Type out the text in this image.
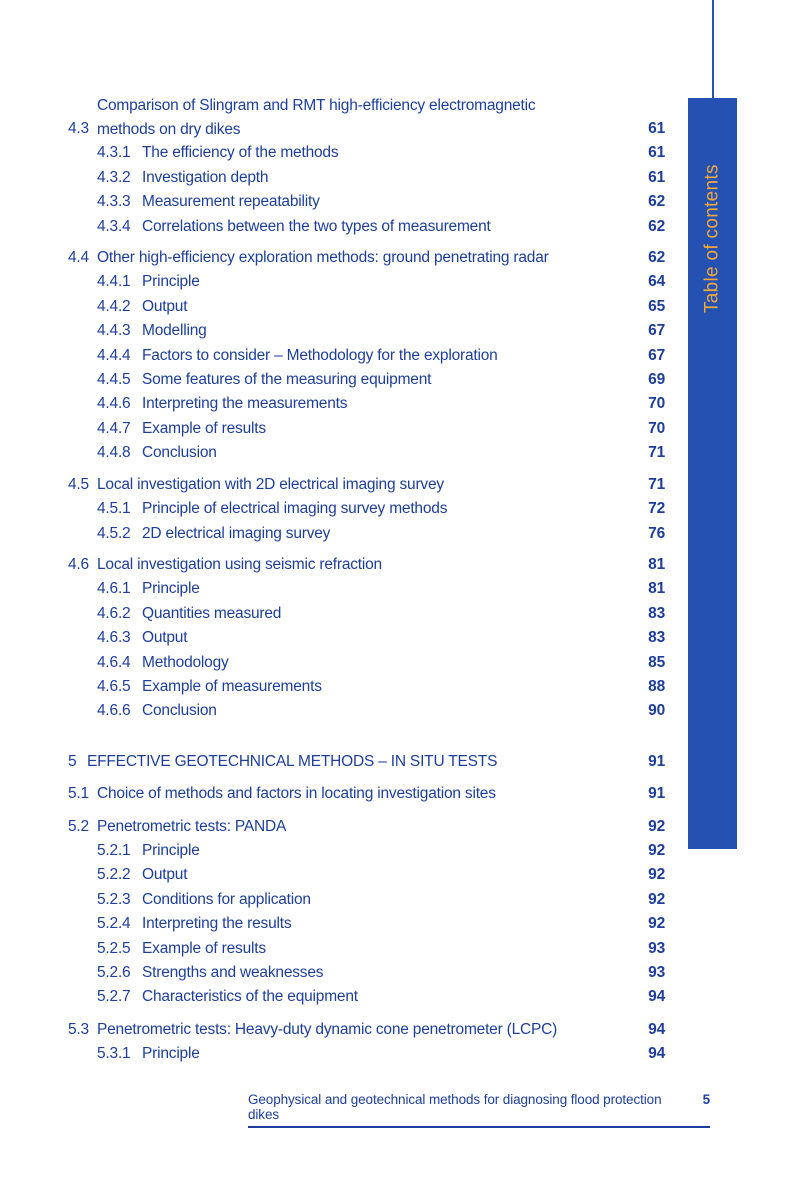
Table of contents
4.3
Comparison of Slingram and RMT high-efficiency electromagnetic
methods on dry dikes	61
4.3.1 The efficiency of the methods	61
4.3.2 Investigation depth	61
4.3.3 Measurement repeatability	62
4.3.4 Correlations between the two types of measurement	62
4.4 Other high-efficiency exploration methods: ground penetrating radar	62
4.4.1 Principle	64
4.4.2 Output	65
4.4.3 Modelling	67
4.4.4 Factors to consider – Methodology for the exploration	67
4.4.5 Some features of the measuring equipment	69
4.4.6 Interpreting the measurements	70
4.4.7 Example of results	70
4.4.8 Conclusion	71
4.5 Local investigation with 2D electrical imaging survey	71
4.5.1 Principle of electrical imaging survey methods	72
4.5.2 2D electrical imaging survey	76
4.6 Local investigation using seismic refraction	81
4.6.1 Principle	81
4.6.2 Quantities measured	83
4.6.3 Output	83
4.6.4 Methodology	85
4.6.5 Example of measurements	88
4.6.6 Conclusion	90
5 EFFECTIVE GEOTECHNICAL METHODS – IN SITU TESTS	91
5.1 Choice of methods and factors in locating investigation sites	91
5.2 Penetrometric tests: PANDA	92
5.2.1 Principle	92
5.2.2 Output	92
5.2.3 Conditions for application	92
5.2.4 Interpreting the results	92
5.2.5 Example of results	93
5.2.6 Strengths and weaknesses	93
5.2.7 Characteristics of the equipment	94
5.3 Penetrometric tests: Heavy-duty dynamic cone penetrometer (LCPC)	94
5.3.1 Principle	94
Geophysical and geotechnical methods for diagnosing flood protection dikes
5
